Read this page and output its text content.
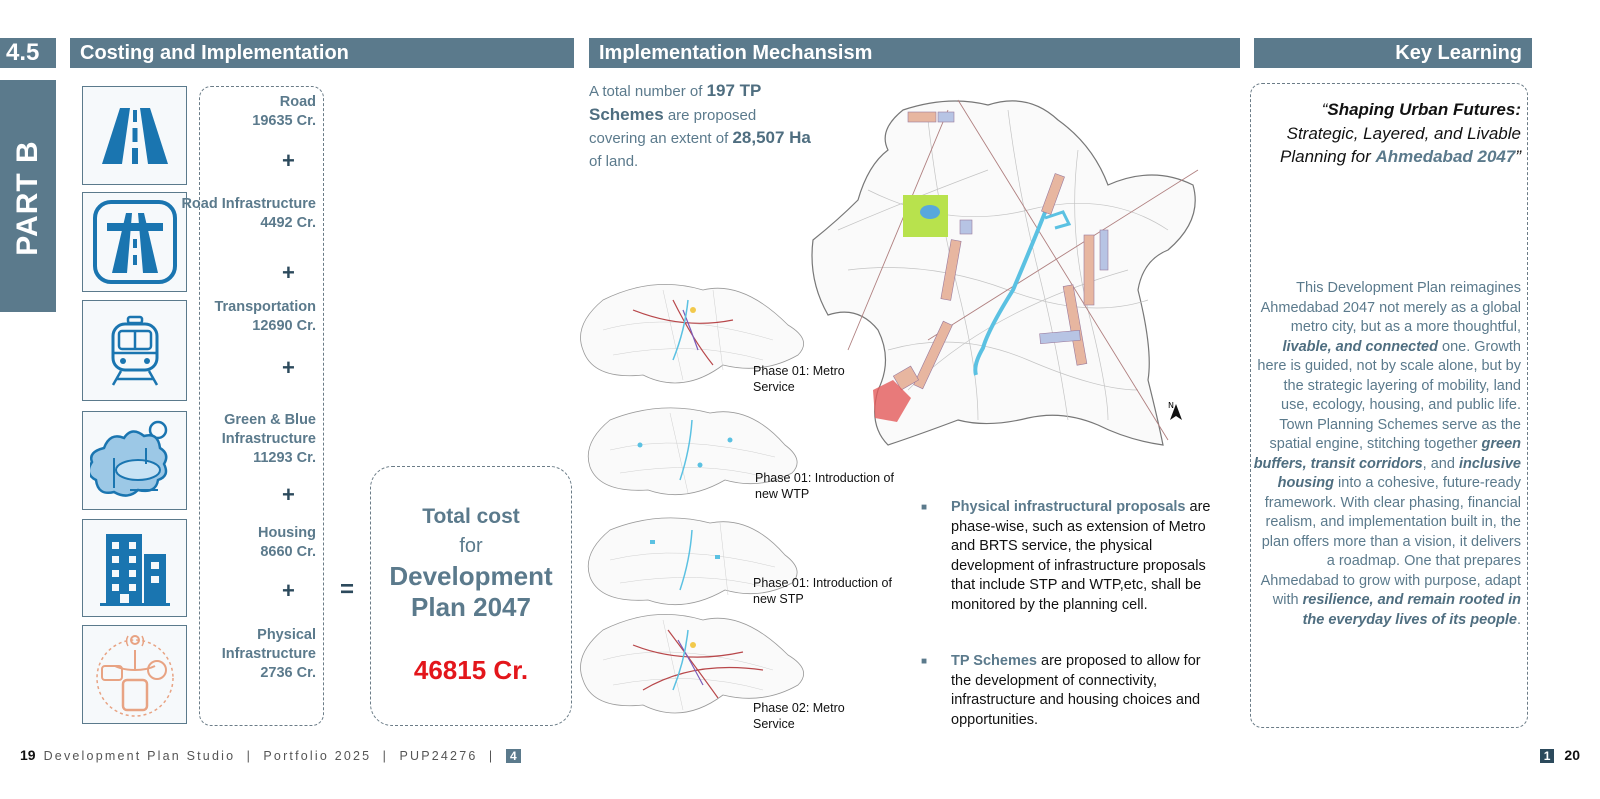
4.5	Costing and Implementation	Implementation Mechansism	Key Learning
PART B
Road
19635 Cr.
Road Infrastructure
4492 Cr.
Transportation
12690 Cr.
Green & Blue Infrastructure
11293 Cr.
Housing
8660 Cr.
Physical Infrastructure
2736 Cr.
+
+
+
+
+ =
Total cost
for
Development
Plan 2047
46815 Cr.
A total number of 197 TP Schemes are proposed covering an extent of 28,507 Ha of land.
N
Phase 01: Metro Service
Phase 01: Introduction of new WTP
Phase 01: Introduction of new STP
Phase 02: Metro Service
■ Physical infrastructural proposals are phase-wise, such as extension of Metro and BRTS service, the physical development of infrastructure proposals that include STP and WTP,etc, shall be monitored by the planning cell.
■ TP Schemes are proposed to allow for the development of connectivity, infrastructure and housing choices and opportunities.
“Shaping Urban Futures:
Strategic, Layered, and Livable Planning for Ahmedabad 2047”
This Development Plan reimagines Ahmedabad 2047 not merely as a global metro city, but as a more thoughtful, livable, and connected one. Growth here is guided, not by scale alone, but by the strategic layering of mobility, land use, ecology, housing, and public life. Town Planning Schemes serve as the spatial engine, stitching together green buffers, transit corridors, and inclusive housing into a cohesive, future-ready framework. With clear phasing, financial realism, and implementation built in, the plan offers more than a vision, it delivers a roadmap. One that prepares Ahmedabad to grow with purpose, adapt with resilience, and remain rooted in the everyday lives of its people.
19 Development Plan Studio  |  Portfolio 2025  |  PUP24276  | 4	1 20
